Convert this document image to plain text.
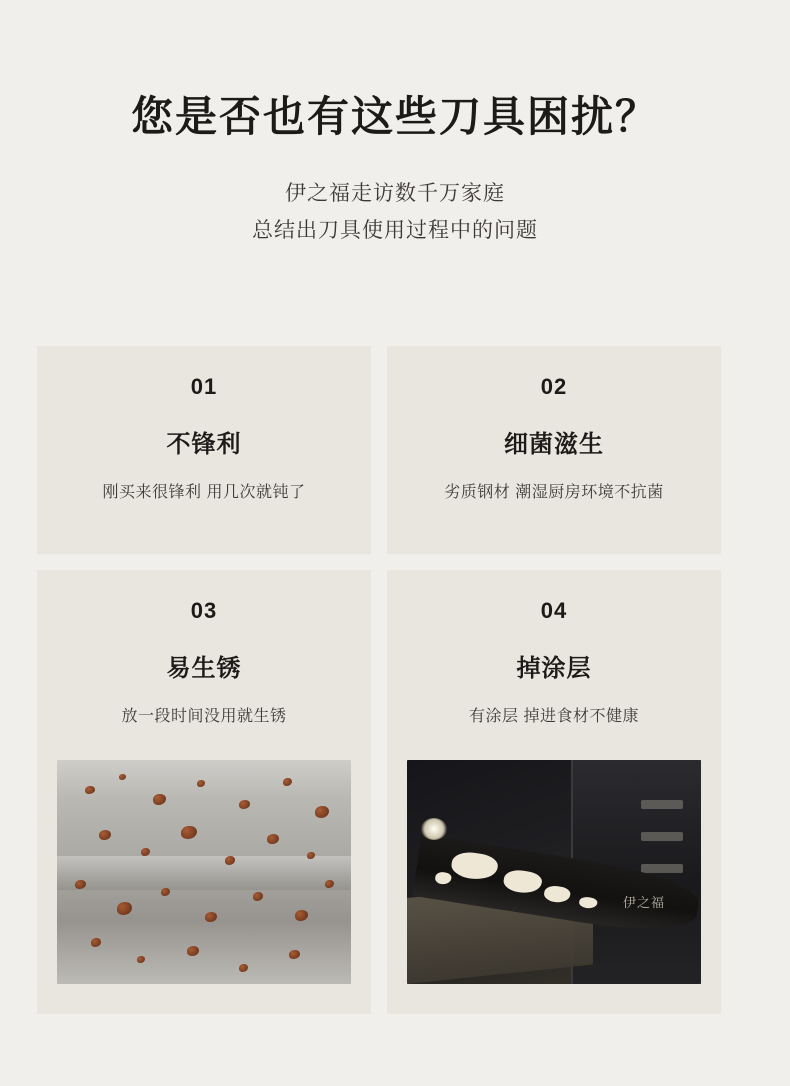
您是否也有这些刀具困扰？
伊之福走访数千万家庭
总结出刀具使用过程中的问题
01
不锋利
刚买来很锋利 用几次就钝了
02
细菌滋生
劣质钢材 潮湿厨房环境不抗菌
03
易生锈
放一段时间没用就生锈
04
掉涂层
有涂层 掉进食材不健康
伊之福
